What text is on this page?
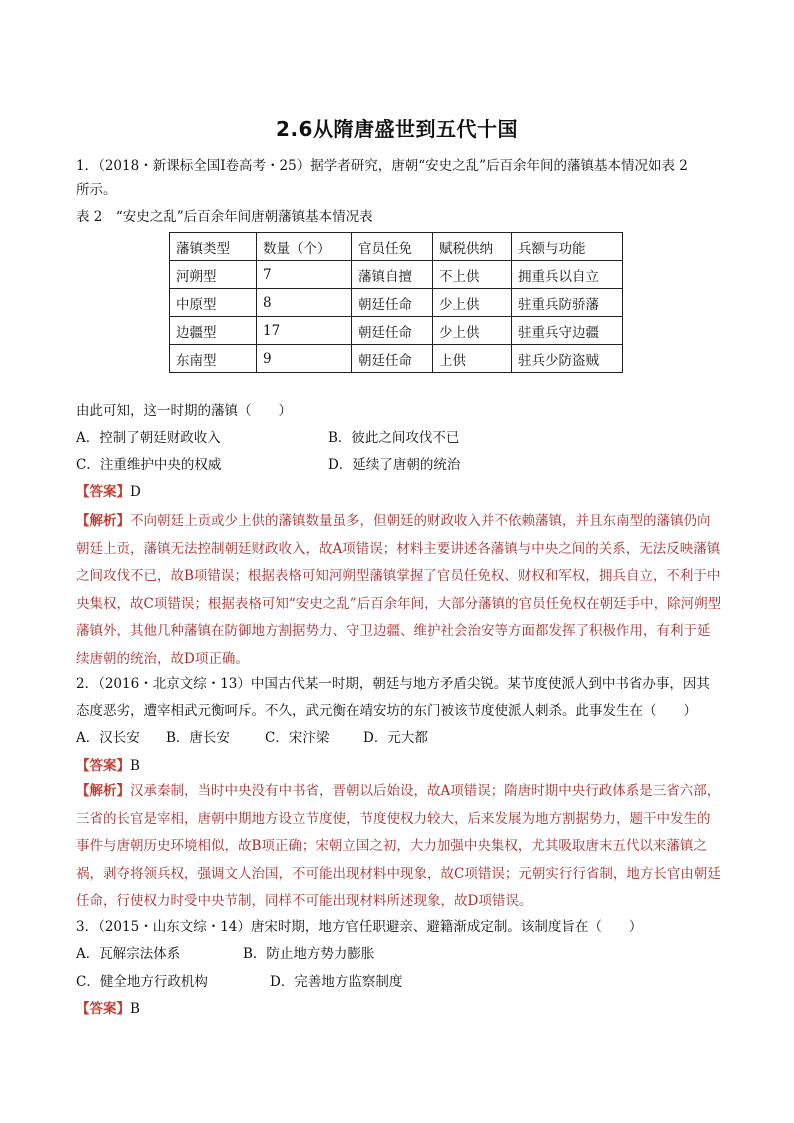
2.6从隋唐盛世到五代十国
1．（2018・新课标全国Ⅰ卷高考・25）据学者研究，唐朝“安史之乱”后百余年间的藩镇基本情况如表 2
所示。
表 2　“安史之乱”后百余年间唐朝藩镇基本情况表
藩镇类型	数量（个）	官员任免	赋税供纳	兵额与功能
河朔型	7	藩镇自擅	不上供	拥重兵以自立
中原型	8	朝廷任命	少上供	驻重兵防骄藩
边疆型	17	朝廷任命	少上供	驻重兵守边疆
东南型	9	朝廷任命	上供	驻兵少防盗贼
由此可知，这一时期的藩镇（　　）
A．控制了朝廷财政收入	B．彼此之间攻伐不已
C．注重维护中央的权威	D．延续了唐朝的统治
【答案】D
【解析】不向朝廷上贡或少上供的藩镇数量虽多，但朝廷的财政收入并不依赖藩镇，并且东南型的藩镇仍向朝廷上贡，藩镇无法控制朝廷财政收入，故A项错误；材料主要讲述各藩镇与中央之间的关系，无法反映藩镇之间攻伐不已，故B项错误；根据表格可知河朔型藩镇掌握了官员任免权、财权和军权，拥兵自立，不利于中央集权，故C项错误；根据表格可知“安史之乱”后百余年间，大部分藩镇的官员任免权在朝廷手中，除河朔型藩镇外，其他几种藩镇在防御地方割据势力、守卫边疆、维护社会治安等方面都发挥了积极作用，有利于延续唐朝的统治，故D项正确。
2．（2016・北京文综・13）中国古代某一时期，朝廷与地方矛盾尖锐。某节度使派人到中书省办事，因其
态度恶劣，遭宰相武元衡呵斥。不久，武元衡在靖安坊的东门被该节度使派人刺杀。此事发生在（　　）
A．汉长安 B．唐长安	C．宋汴梁 D．元大都
【答案】B
【解析】汉承秦制，当时中央没有中书省，晋朝以后始设，故A项错误；隋唐时期中央行政体系是三省六部，三省的长官是宰相，唐朝中期地方设立节度使，节度使权力较大，后来发展为地方割据势力，题干中发生的事件与唐朝历史环境相似，故B项正确；宋朝立国之初，大力加强中央集权，尤其吸取唐末五代以来藩镇之祸，剥夺将领兵权，强调文人治国，不可能出现材料中现象，故C项错误；元朝实行行省制，地方长官由朝廷任命，行使权力时受中央节制，同样不可能出现材料所述现象，故D项错误。
3．（2015・山东文综・14）唐宋时期，地方官任职避亲、避籍渐成定制。该制度旨在（　　）
A．瓦解宗法体系	B．防止地方势力膨胀
C．健全地方行政机构	D．完善地方监察制度
【答案】B
